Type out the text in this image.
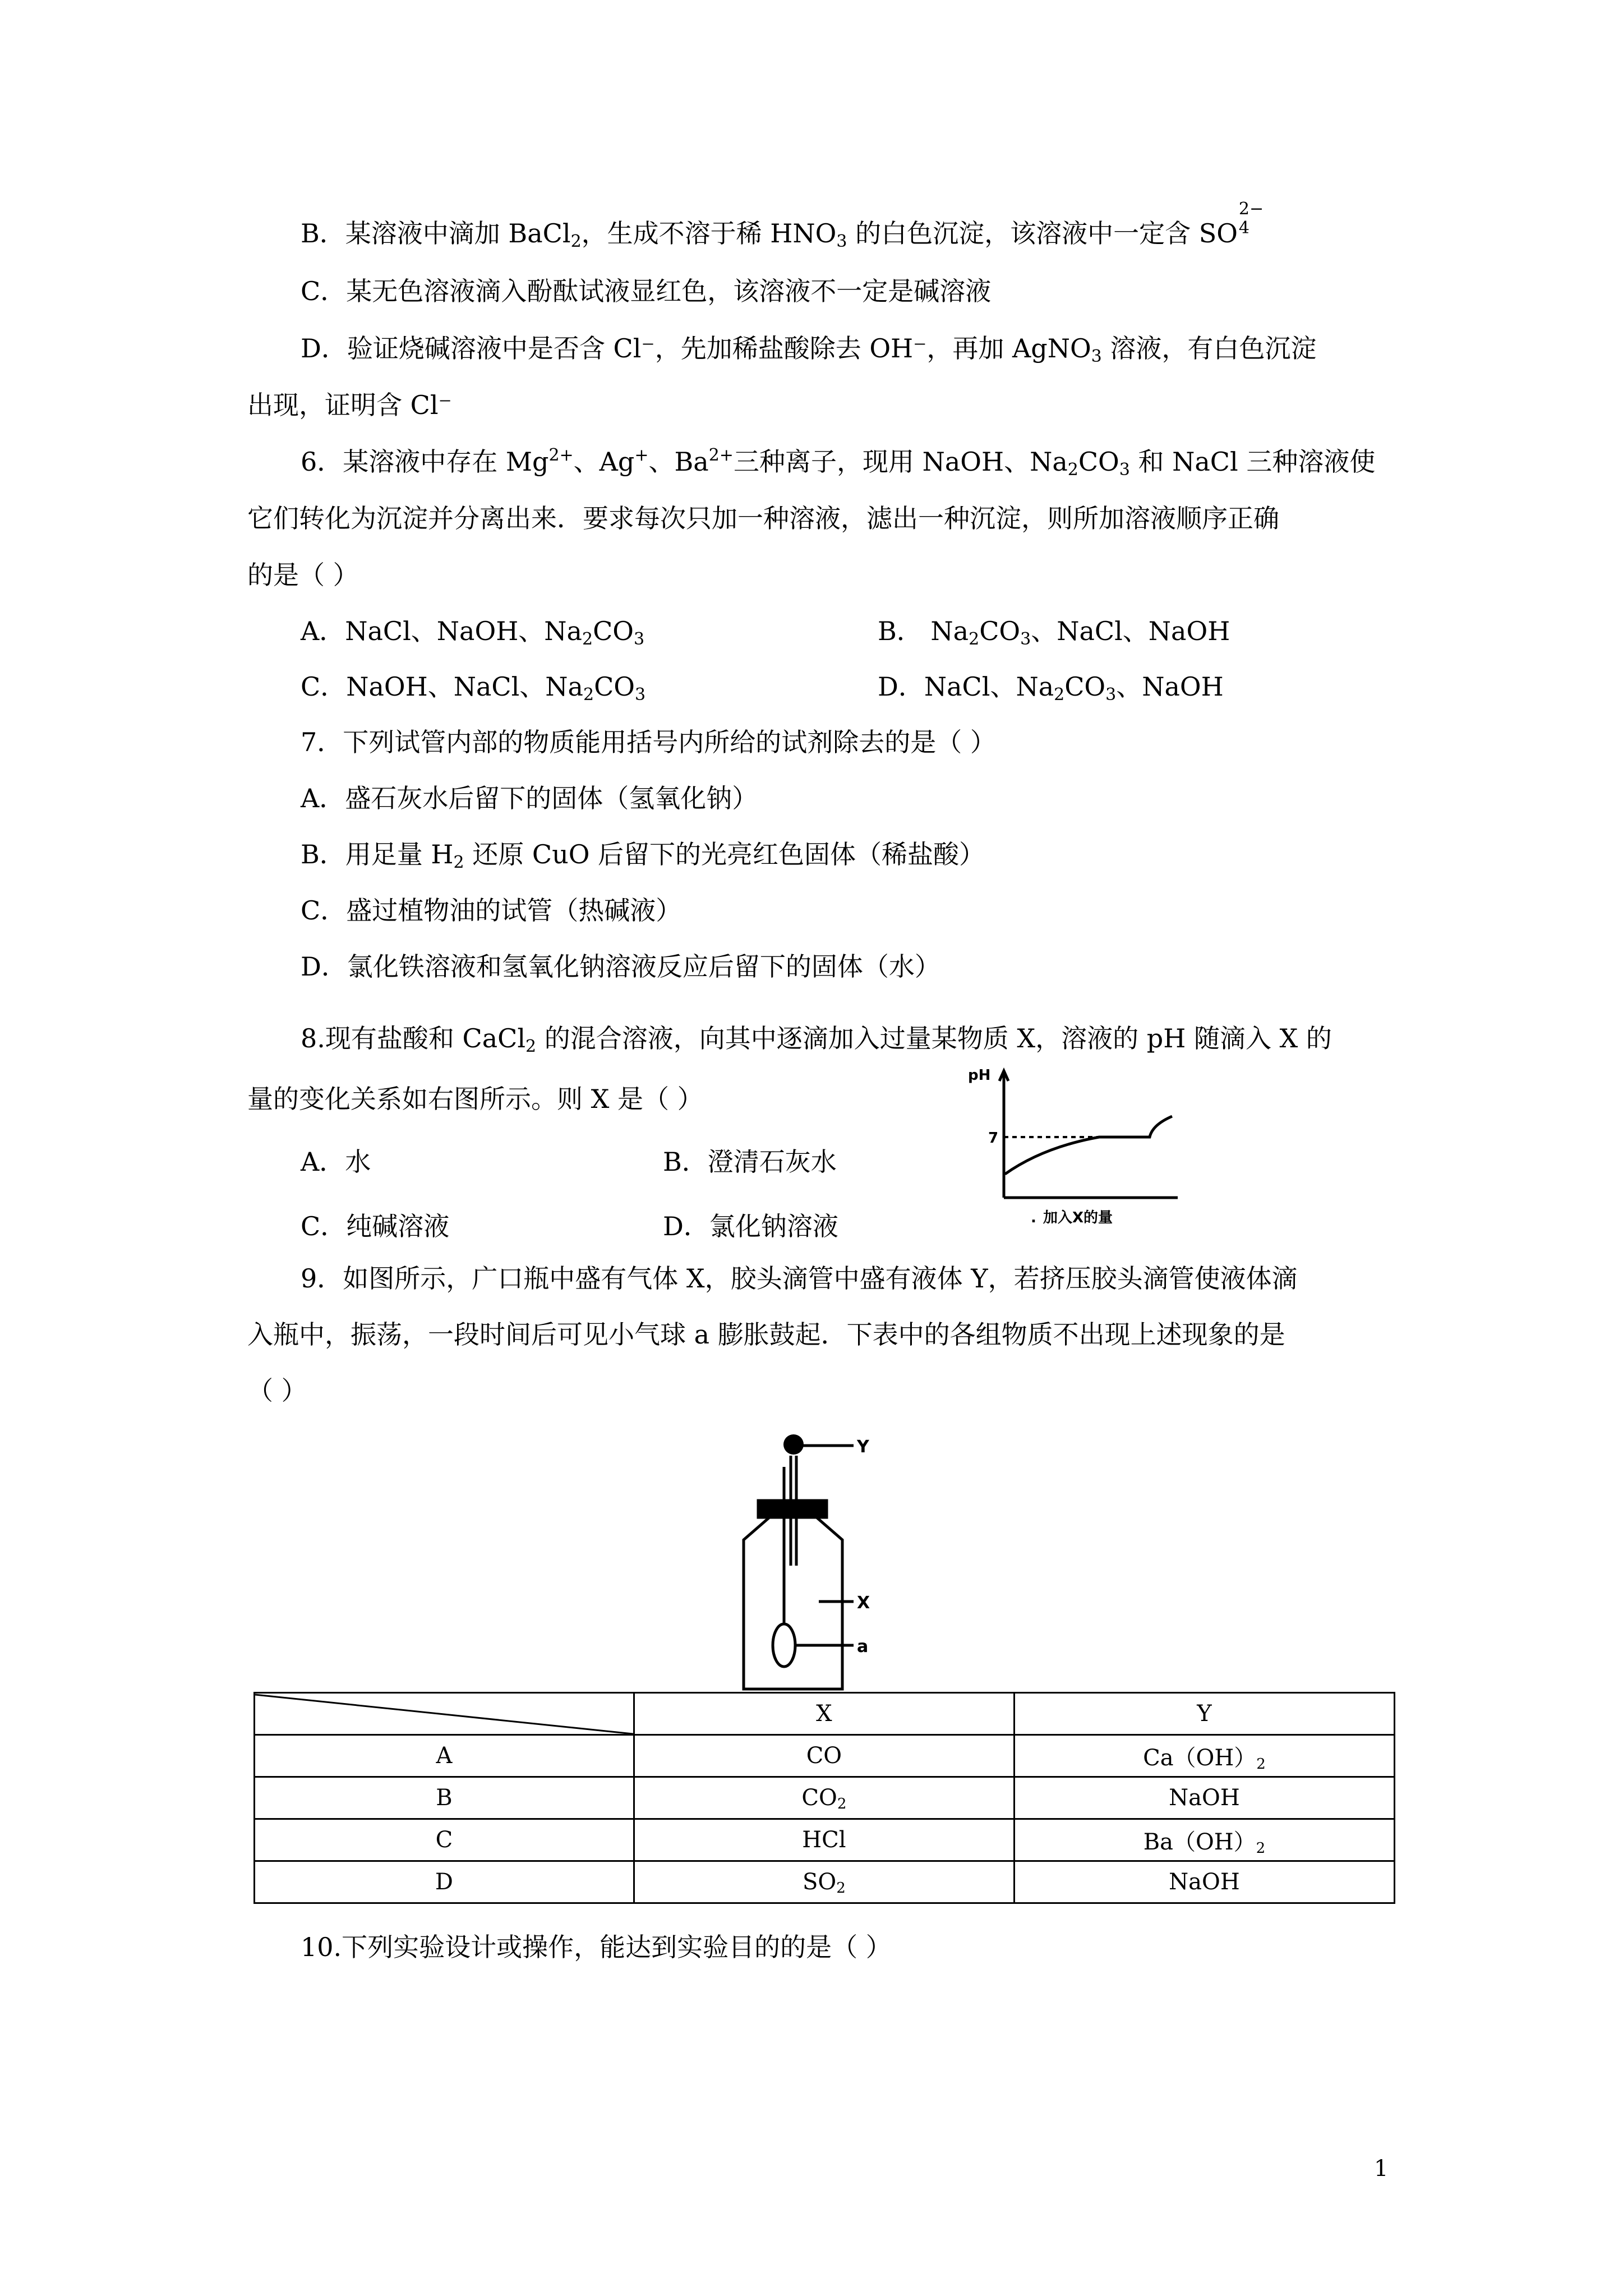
B．某溶液中滴加 BaCl$_2$，生成不溶于稀 $HNO_3$ 的白色沉淀，该溶液中一定含 SO
2−
4
C．某无色溶液滴入酚酞试液显红色，该溶液不一定是碱溶液
D．验证烧碱溶液中是否含 Cl⁻，先加稀盐酸除去 OH⁻，再加 AgNO$_3$ 溶液，有白色沉淀
出现，证明含 Cl⁻
6．某溶液中存在 $Mg^{2+}$、Ag+、$Ba^{2+}$三种离子，现用 NaOH、$Na_2CO_3$ 和 NaCl 三种溶液使
它们转化为沉淀并分离出来．要求每次只加一种溶液，滤出一种沉淀，则所加溶液顺序正确
的是（ ）
A．NaCl、NaOH、$Na_2CO_3$	B． $Na_2CO_3$、NaCl、NaOH
C．NaOH、NaCl、$Na_2CO_3$	D．NaCl、$Na_2CO_3$、NaOH
7．下列试管内部的物质能用括号内所给的试剂除去的是（ ）
A．盛石灰水后留下的固体（氢氧化钠）
B．用足量 $H_2$ 还原 CuO 后留下的光亮红色固体（稀盐酸）
C．盛过植物油的试管（热碱液）
D．氯化铁溶液和氢氧化钠溶液反应后留下的固体（水）
8.现有盐酸和 CaCl$_2$ 的混合溶液，向其中逐滴加入过量某物质 X，溶液的 pH 随滴入 X 的
量的变化关系如右图所示。则 X 是（ ）
A．水	B．澄清石灰水
C．纯碱溶液	D．氯化钠溶液
pH
7
加入X的量
.
9．如图所示，广口瓶中盛有气体 X，胶头滴管中盛有液体 Y，若挤压胶头滴管使液体滴
入瓶中，振荡，一段时间后可见小气球 a 膨胀鼓起．下表中的各组物质不出现上述现象的是
（ ）
Y
X
a
	X	Y
A	CO	$Ca(OH)_2$
B	$CO_2$	NaOH
C	HCl	$Ba(OH)_2$
D	$SO_2$	NaOH
10.下列实验设计或操作，能达到实验目的的是（ ）
1
